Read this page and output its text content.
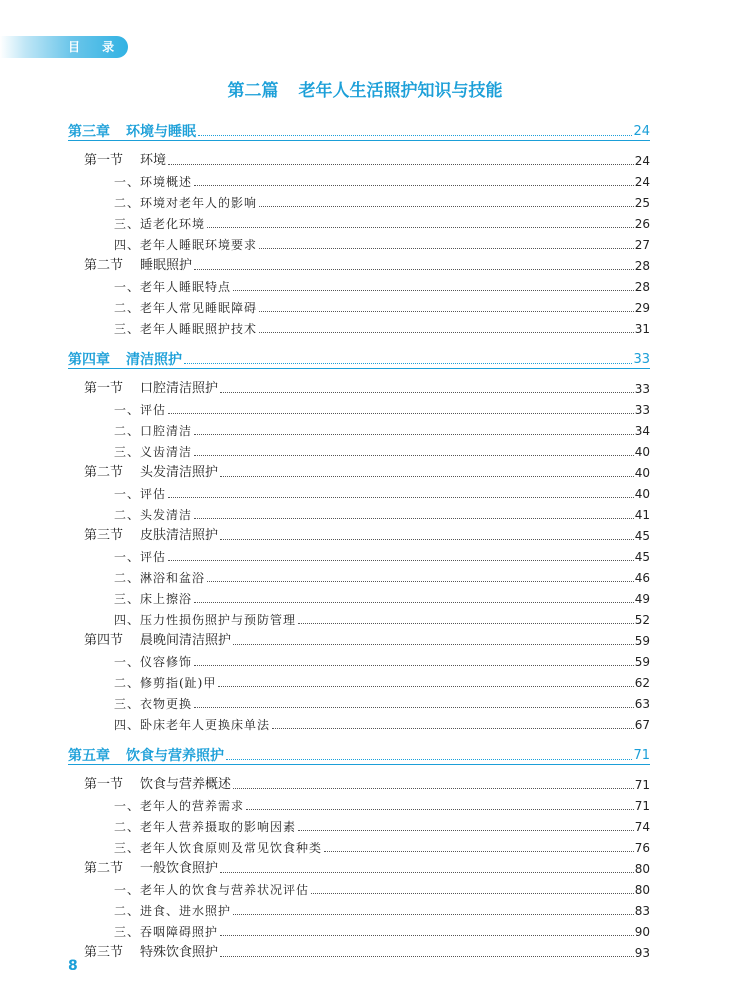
目 录
第二篇 老年人生活照护知识与技能
第三章	环境与睡眠	24
第一节	环境	24
一、环境概述	24
二、环境对老年人的影响	25
三、适老化环境	26
四、老年人睡眠环境要求	27
第二节	睡眠照护	28
一、老年人睡眠特点	28
二、老年人常见睡眠障碍	29
三、老年人睡眠照护技术	31
第四章	清洁照护	33
第一节	口腔清洁照护	33
一、评估	33
二、口腔清洁	34
三、义齿清洁	40
第二节	头发清洁照护	40
一、评估	40
二、头发清洁	41
第三节	皮肤清洁照护	45
一、评估	45
二、淋浴和盆浴	46
三、床上擦浴	49
四、压力性损伤照护与预防管理	52
第四节	晨晚间清洁照护	59
一、仪容修饰	59
二、修剪指(趾)甲	62
三、衣物更换	63
四、卧床老年人更换床单法	67
第五章	饮食与营养照护	71
第一节	饮食与营养概述	71
一、老年人的营养需求	71
二、老年人营养摄取的影响因素	74
三、老年人饮食原则及常见饮食种类	76
第二节	一般饮食照护	80
一、老年人的饮食与营养状况评估	80
二、进食、进水照护	83
三、吞咽障碍照护	90
第三节	特殊饮食照护	93
8
